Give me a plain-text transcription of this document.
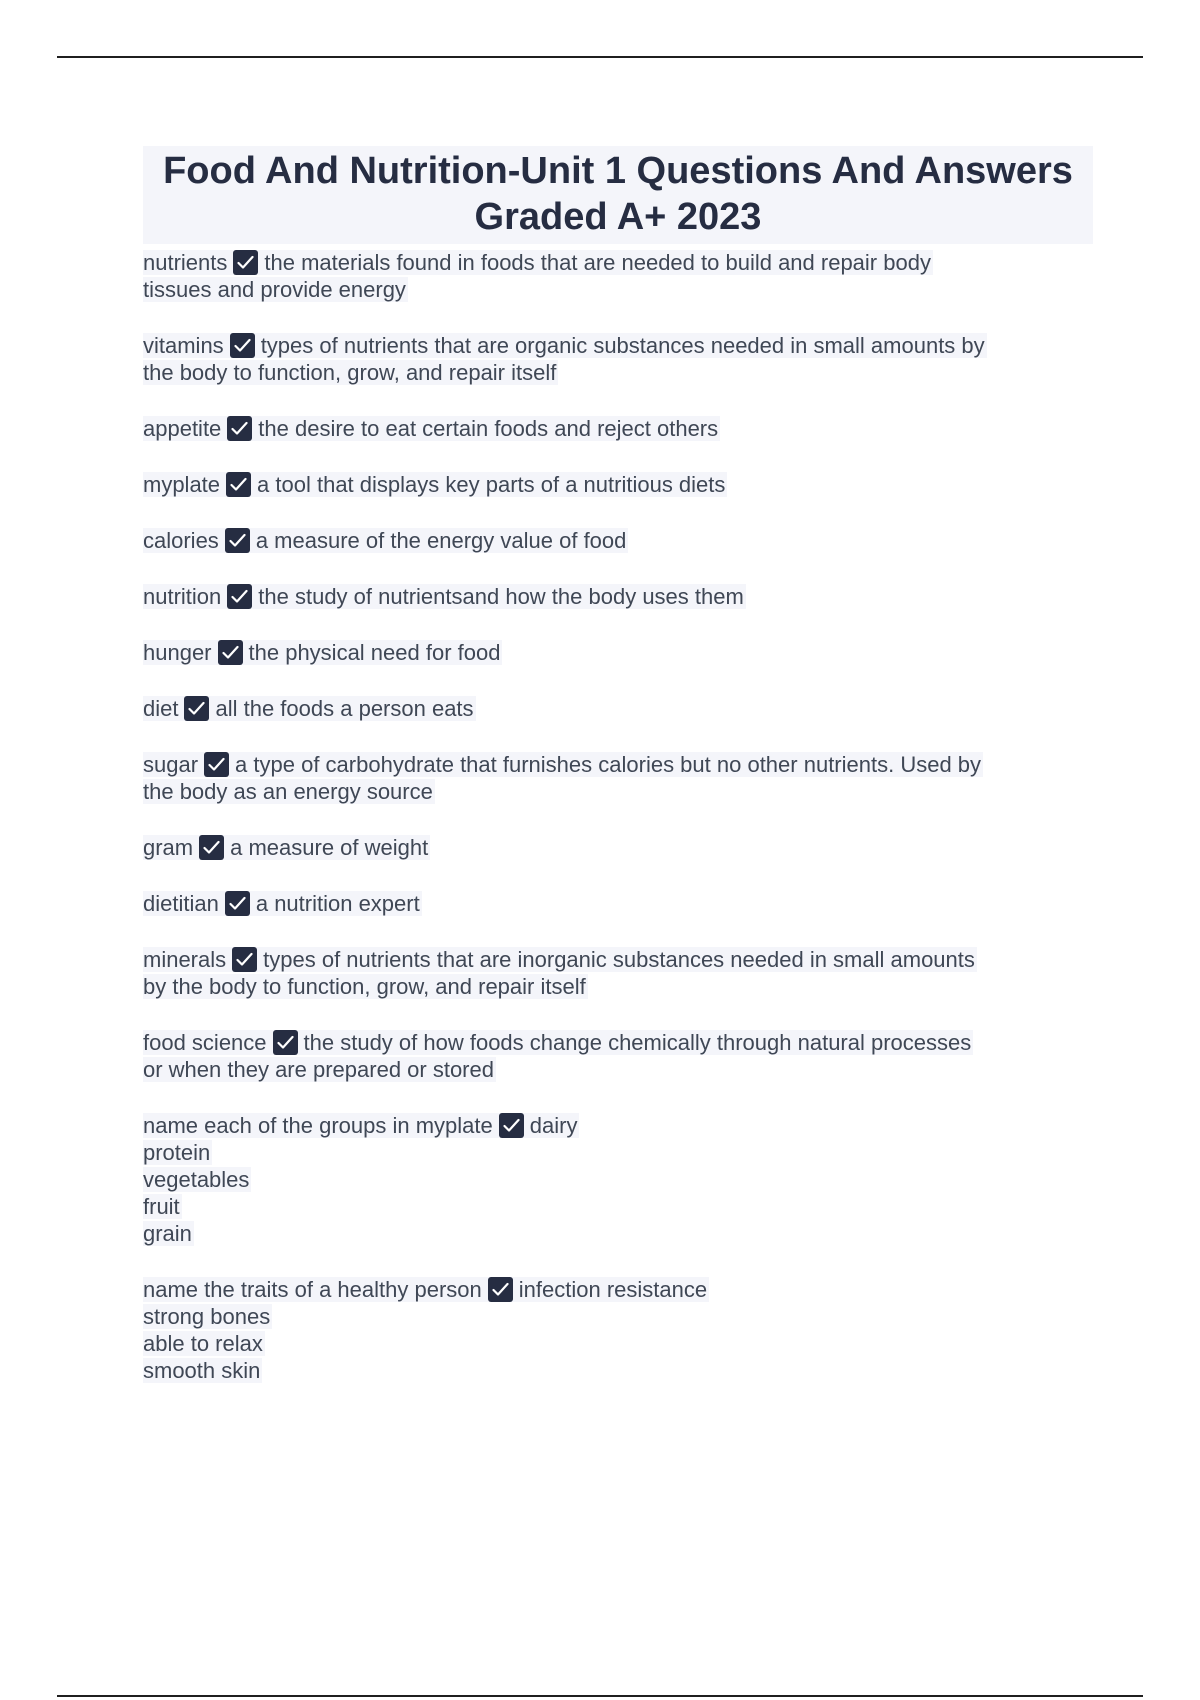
Food And Nutrition-Unit 1 Questions And Answers Graded A+ 2023
nutrients the materials found in foods that are needed to build and repair body
tissues and provide energy
vitamins types of nutrients that are organic substances needed in small amounts by
the body to function, grow, and repair itself
appetite the desire to eat certain foods and reject others
myplate a tool that displays key parts of a nutritious diets
calories a measure of the energy value of food
nutrition the study of nutrientsand how the body uses them
hunger the physical need for food
diet all the foods a person eats
sugar a type of carbohydrate that furnishes calories but no other nutrients. Used by
the body as an energy source
gram a measure of weight
dietitian a nutrition expert
minerals types of nutrients that are inorganic substances needed in small amounts
by the body to function, grow, and repair itself
food science the study of how foods change chemically through natural processes
or when they are prepared or stored
name each of the groups in myplate dairy
protein
vegetables
fruit
grain
name the traits of a healthy person infection resistance
strong bones
able to relax
smooth skin
